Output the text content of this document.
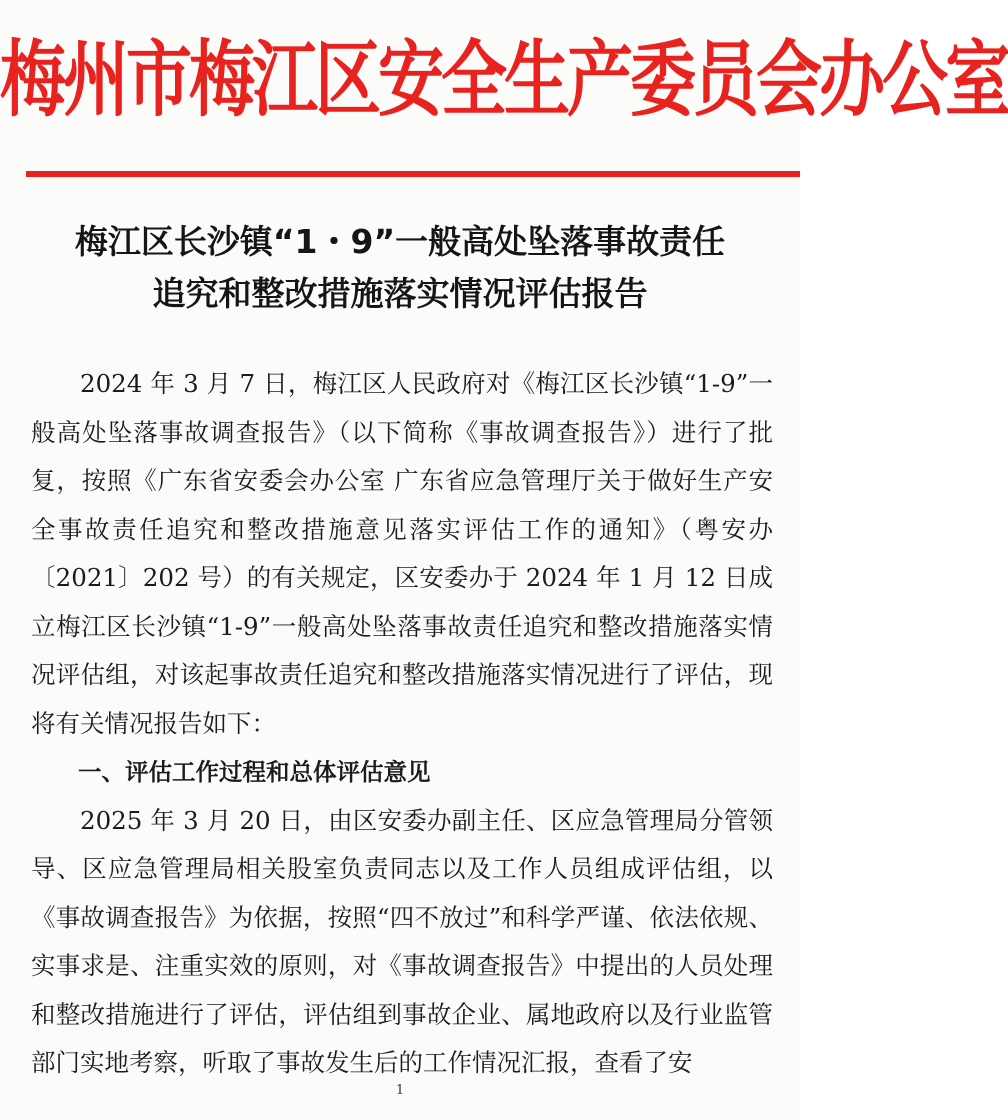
梅州市梅江区安全生产委员会办公室
梅江区长沙镇“1・9”一般高处坠落事故责任
追究和整改措施落实情况评估报告

2024 年 3 月 7 日，梅江区人民政府对《梅江区长沙镇“1-9”一般高处坠落事故调查报告》（以下简称《事故调查报告》）进行了批复，按照《广东省安委会办公室 广东省应急管理厅关于做好生产安全事故责任追究和整改措施意见落实评估工作的通知》（粤安办〔2021〕202 号）的有关规定，区安委办于 2024 年 1 月 12 日成立梅江区长沙镇“1-9”一般高处坠落事故责任追究和整改措施落实情况评估组，对该起事故责任追究和整改措施落实情况进行了评估，现将有关情况报告如下：

一、评估工作过程和总体评估意见

2025 年 3 月 20 日，由区安委办副主任、区应急管理局分管领导、区应急管理局相关股室负责同志以及工作人员组成评估组，以《事故调查报告》为依据，按照“四不放过”和科学严谨、依法依规、实事求是、注重实效的原则，对《事故调查报告》中提出的人员处理和整改措施进行了评估，评估组到事故企业、属地政府以及行业监管部门实地考察，听取了事故发生后的工作情况汇报，查看了安

1
